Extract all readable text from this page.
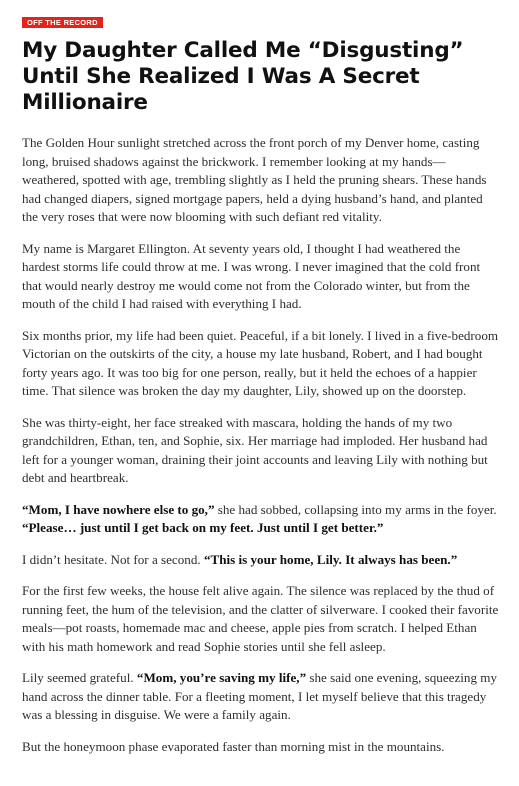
OFF THE RECORD
My Daughter Called Me “Disgusting” Until She Realized I Was A Secret Millionaire

The Golden Hour sunlight stretched across the front porch of my Denver home, casting long, bruised shadows against the brickwork. I remember looking at my hands—weathered, spotted with age, trembling slightly as I held the pruning shears. These hands had changed diapers, signed mortgage papers, held a dying husband’s hand, and planted the very roses that were now blooming with such defiant red vitality.

My name is Margaret Ellington. At seventy years old, I thought I had weathered the hardest storms life could throw at me. I was wrong. I never imagined that the cold front that would nearly destroy me would come not from the Colorado winter, but from the mouth of the child I had raised with everything I had.

Six months prior, my life had been quiet. Peaceful, if a bit lonely. I lived in a five-bedroom Victorian on the outskirts of the city, a house my late husband, Robert, and I had bought forty years ago. It was too big for one person, really, but it held the echoes of a happier time. That silence was broken the day my daughter, Lily, showed up on the doorstep.

She was thirty-eight, her face streaked with mascara, holding the hands of my two grandchildren, Ethan, ten, and Sophie, six. Her marriage had imploded. Her husband had left for a younger woman, draining their joint accounts and leaving Lily with nothing but debt and heartbreak.

“Mom, I have nowhere else to go,” she had sobbed, collapsing into my arms in the foyer. “Please… just until I get back on my feet. Just until I get better.”

I didn’t hesitate. Not for a second. “This is your home, Lily. It always has been.”

For the first few weeks, the house felt alive again. The silence was replaced by the thud of running feet, the hum of the television, and the clatter of silverware. I cooked their favorite meals—pot roasts, homemade mac and cheese, apple pies from scratch. I helped Ethan with his math homework and read Sophie stories until she fell asleep.

Lily seemed grateful. “Mom, you’re saving my life,” she said one evening, squeezing my hand across the dinner table. For a fleeting moment, I let myself believe that this tragedy was a blessing in disguise. We were a family again.

But the honeymoon phase evaporated faster than morning mist in the mountains.
